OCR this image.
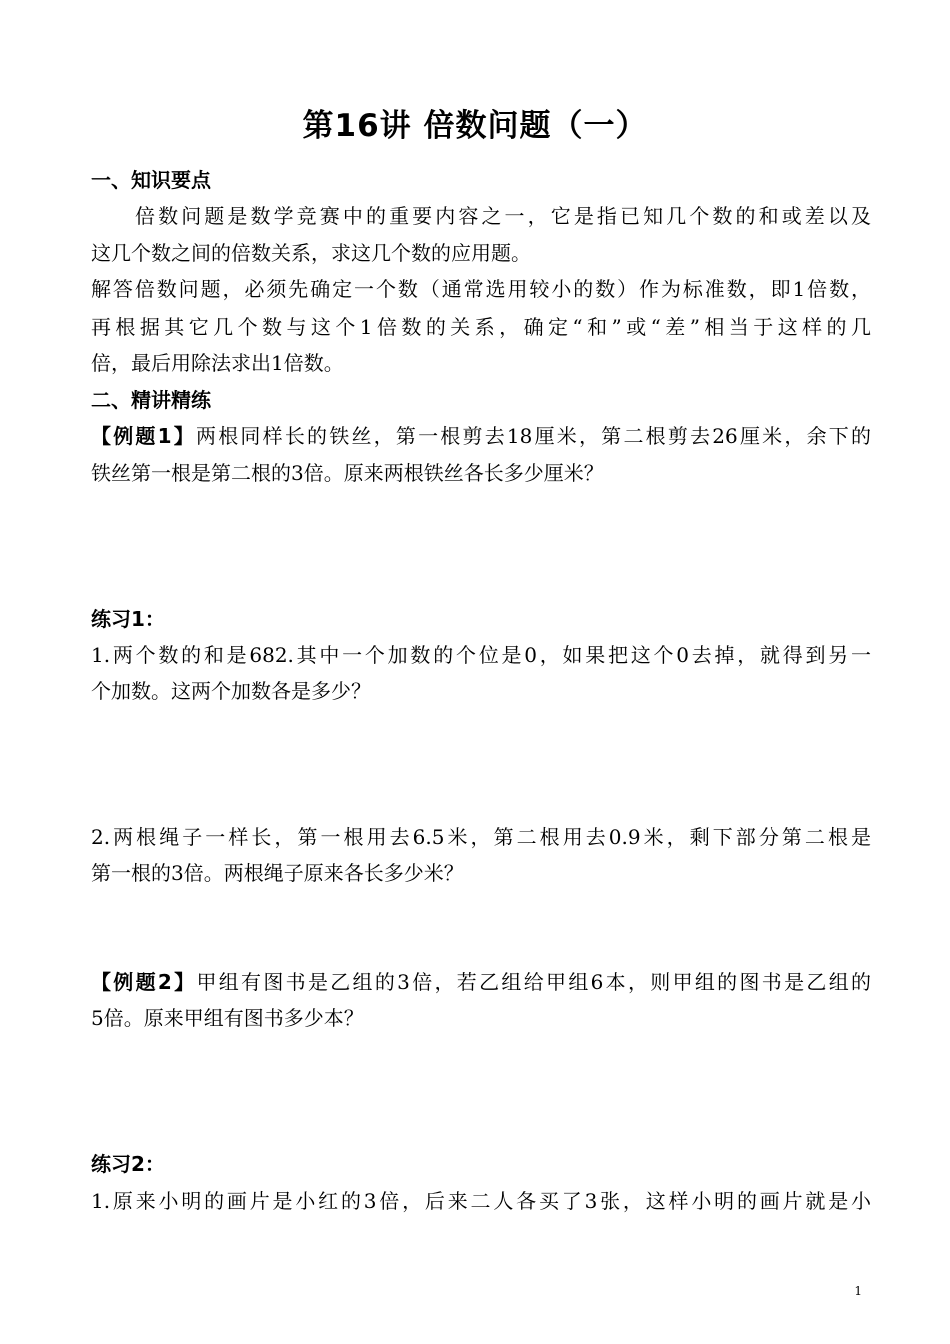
第16讲 倍数问题（一）
一、知识要点
倍数问题是数学竞赛中的重要内容之一，它是指已知几个数的和或差以及
这几个数之间的倍数关系，求这几个数的应用题。
解答倍数问题，必须先确定一个数（通常选用较小的数）作为标准数，即1倍数，
再根据其它几个数与这个1倍数的关系，确定“和”或“差”相当于这样的几
倍，最后用除法求出1倍数。
二、精讲精练
【例题1】两根同样长的铁丝，第一根剪去18厘米，第二根剪去26厘米，余下的
铁丝第一根是第二根的3倍。原来两根铁丝各长多少厘米？
练习1：
1.两个数的和是682.其中一个加数的个位是0，如果把这个0去掉，就得到另一
个加数。这两个加数各是多少？
2.两根绳子一样长，第一根用去6.5米，第二根用去0.9米，剩下部分第二根是
第一根的3倍。两根绳子原来各长多少米？
【例题2】甲组有图书是乙组的3倍，若乙组给甲组6本，则甲组的图书是乙组的
5倍。原来甲组有图书多少本？
练习2：
1.原来小明的画片是小红的3倍，后来二人各买了3张，这样小明的画片就是小
1
